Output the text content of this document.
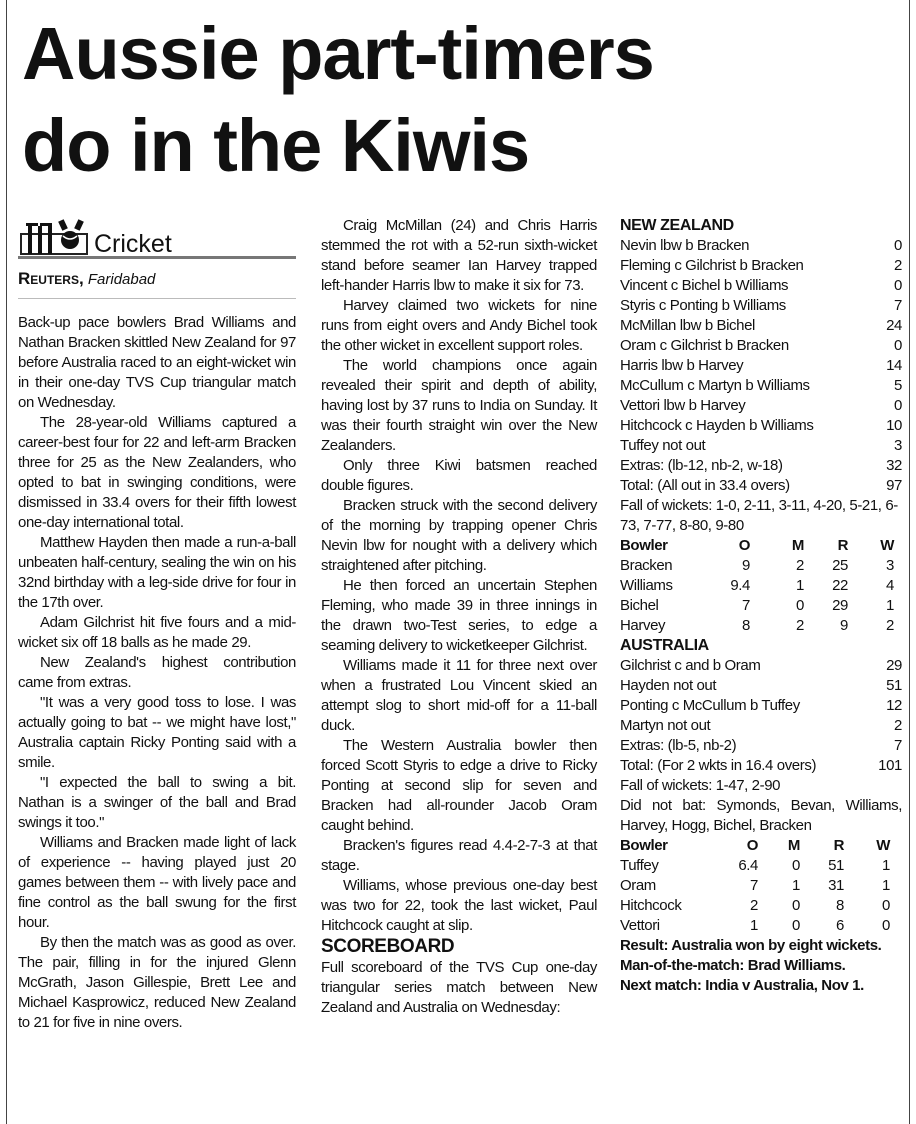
Aussie part-timers
do in the Kiwis
Cricket
Reuters, Faridabad

Back-up pace bowlers Brad Williams and Nathan Bracken skittled New Zealand for 97 before Australia raced to an eight-wicket win in their one-day TVS Cup triangular match on Wednesday.

The 28-year-old Williams captured a career-best four for 22 and left-arm Bracken three for 25 as the New Zealanders, who opted to bat in swinging conditions, were dismissed in 33.4 overs for their fifth lowest one-day international total.

Matthew Hayden then made a run-a-ball unbeaten half-century, sealing the win on his 32nd birthday with a leg-side drive for four in the 17th over.

Adam Gilchrist hit five fours and a mid-wicket six off 18 balls as he made 29.

New Zealand's highest contribution came from extras.

"It was a very good toss to lose. I was actually going to bat -- we might have lost," Australia captain Ricky Ponting said with a smile.

"I expected the ball to swing a bit. Nathan is a swinger of the ball and Brad swings it too."

Williams and Bracken made light of lack of experience -- having played just 20 games between them -- with lively pace and fine control as the ball swung for the first hour.

By then the match was as good as over. The pair, filling in for the injured Glenn McGrath, Jason Gillespie, Brett Lee and Michael Kasprowicz, reduced New Zealand to 21 for five in nine overs.

Craig McMillan (24) and Chris Harris stemmed the rot with a 52-run sixth-wicket stand before seamer Ian Harvey trapped left-hander Harris lbw to make it six for 73.

Harvey claimed two wickets for nine runs from eight overs and Andy Bichel took the other wicket in excellent support roles.

The world champions once again revealed their spirit and depth of ability, having lost by 37 runs to India on Sunday. It was their fourth straight win over the New Zealanders.

Only three Kiwi batsmen reached double figures.

Bracken struck with the second delivery of the morning by trapping opener Chris Nevin lbw for nought with a delivery which straightened after pitching.

He then forced an uncertain Stephen Fleming, who made 39 in three innings in the drawn two-Test series, to edge a seaming delivery to wicketkeeper Gilchrist.

Williams made it 11 for three next over when a frustrated Lou Vincent skied an attempt slog to short mid-off for a 11-ball duck.

The Western Australia bowler then forced Scott Styris to edge a drive to Ricky Ponting at second slip for seven and Bracken had all-rounder Jacob Oram caught behind.

Bracken's figures read 4.4-2-7-3 at that stage.

Williams, whose previous one-day best was two for 22, took the last wicket, Paul Hitchcock caught at slip.

SCOREBOARD

Full scoreboard of the TVS Cup one-day triangular series match between New Zealand and Australia on Wednesday:

NEW ZEALAND
Nevin lbw b Bracken	0
Fleming c Gilchrist b Bracken	2
Vincent c Bichel b Williams	0
Styris c Ponting b Williams	7
McMillan lbw b Bichel	24
Oram c Gilchrist b Bracken	0
Harris lbw b Harvey	14
McCullum c Martyn b Williams	5
Vettori lbw b Harvey	0
Hitchcock c Hayden b Williams	10
Tuffey not out	3
Extras: (lb-12, nb-2, w-18)	32
Total: (All out in 33.4 overs)	97
Fall of wickets: 1-0, 2-11, 3-11, 4-20, 5-21, 6-73, 7-77, 8-80, 9-80
Bowler	O	M	R	W
Bracken	9	2	25	3
Williams	9.4	1	22	4
Bichel	7	0	29	1
Harvey	8	2	9	2
AUSTRALIA
Gilchrist c and b Oram	29
Hayden not out	51
Ponting c McCullum b Tuffey	12
Martyn not out	2
Extras: (lb-5, nb-2)	7
Total: (For 2 wkts in 16.4 overs)	101
Fall of wickets: 1-47, 2-90
Did not bat: Symonds, Bevan, Williams, Harvey, Hogg, Bichel, Bracken
Bowler	O	M	R	W
Tuffey	6.4	0	51	1
Oram	7	1	31	1
Hitchcock	2	0	8	0
Vettori	1	0	6	0
Result: Australia won by eight wickets.
Man-of-the-match: Brad Williams.
Next match: India v Australia, Nov 1.
